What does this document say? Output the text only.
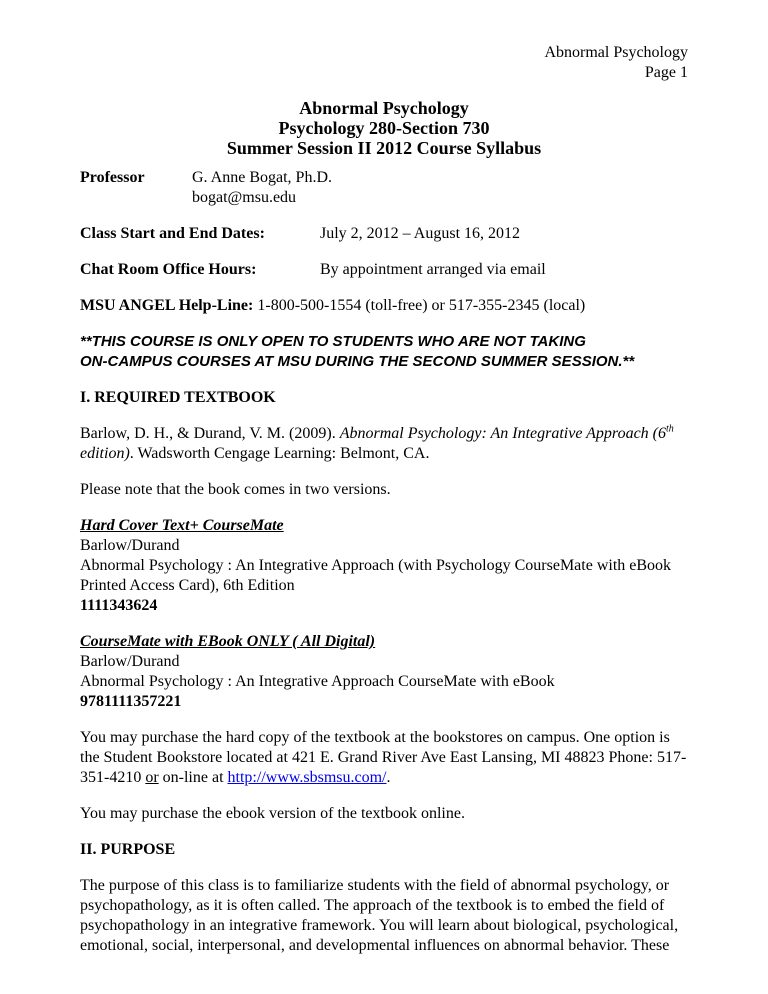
Abnormal Psychology
Page 1
Abnormal Psychology
Psychology 280-Section 730
Summer Session II 2012 Course Syllabus
Professor	G. Anne Bogat, Ph.D.
bogat@msu.edu
Class Start and End Dates:	July 2, 2012 – August 16, 2012
Chat Room Office Hours:	By appointment arranged via email

MSU ANGEL Help-Line: 1-800-500-1554 (toll-free) or 517-355-2345 (local)

**THIS COURSE IS ONLY OPEN TO STUDENTS WHO ARE NOT TAKING
ON-CAMPUS COURSES AT MSU DURING THE SECOND SUMMER SESSION.**

I. REQUIRED TEXTBOOK

Barlow, D. H., & Durand, V. M. (2009). Abnormal Psychology: An Integrative Approach (6th edition). Wadsworth Cengage Learning: Belmont, CA.

Please note that the book comes in two versions.

Hard Cover Text+ CourseMate
Barlow/Durand
Abnormal Psychology : An Integrative Approach (with Psychology CourseMate with eBook Printed Access Card), 6th Edition
1111343624
CourseMate with EBook ONLY ( All Digital)
Barlow/Durand
Abnormal Psychology : An Integrative Approach CourseMate with eBook
9781111357221

You may purchase the hard copy of the textbook at the bookstores on campus. One option is the Student Bookstore located at 421 E. Grand River Ave East Lansing, MI 48823 Phone: 517-351-4210 or on-line at http://www.sbsmsu.com/.

You may purchase the ebook version of the textbook online.

II. PURPOSE

The purpose of this class is to familiarize students with the field of abnormal psychology, or psychopathology, as it is often called. The approach of the textbook is to embed the field of psychopathology in an integrative framework. You will learn about biological, psychological, emotional, social, interpersonal, and developmental influences on abnormal behavior. These
